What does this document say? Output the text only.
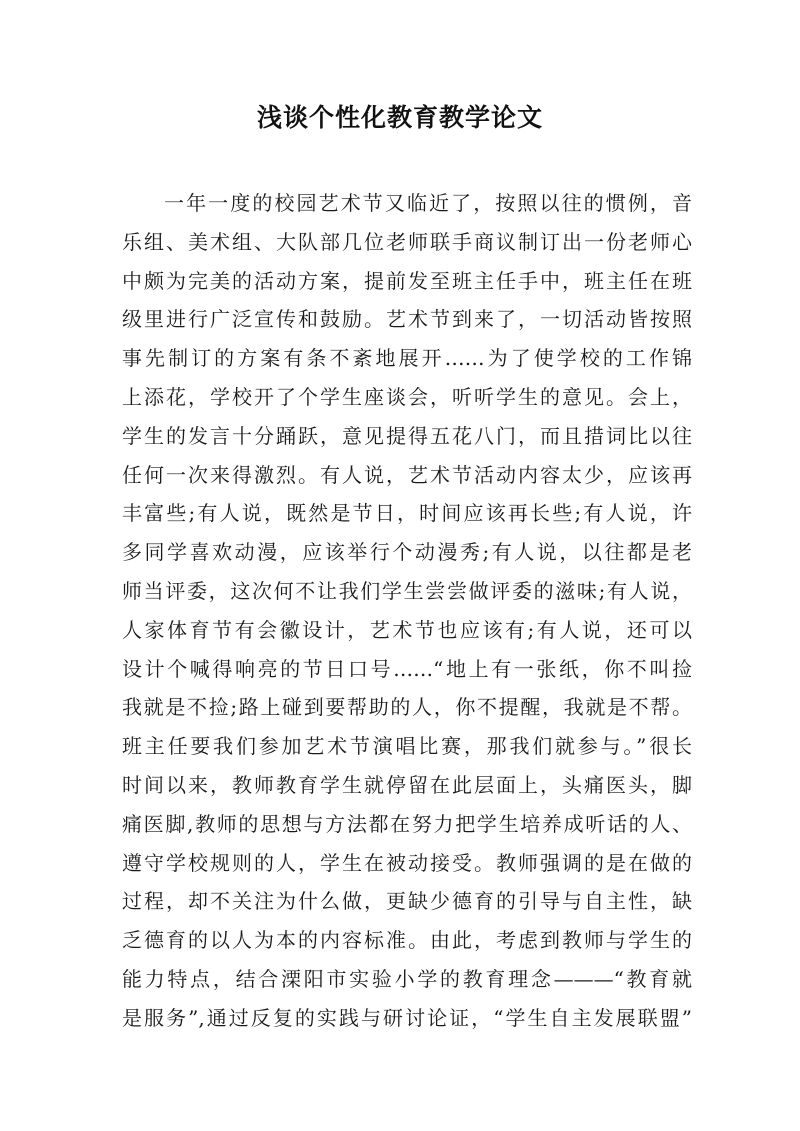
浅谈个性化教育教学论文
一年一度的校园艺术节又临近了，按照以往的惯例，音
乐组、美术组、大队部几位老师联手商议制订出一份老师心
中颇为完美的活动方案，提前发至班主任手中，班主任在班
级里进行广泛宣传和鼓励。艺术节到来了，一切活动皆按照
事先制订的方案有条不紊地展开……为了使学校的工作锦
上添花，学校开了个学生座谈会，听听学生的意见。会上，
学生的发言十分踊跃，意见提得五花八门，而且措词比以往
任何一次来得激烈。有人说，艺术节活动内容太少，应该再
丰富些;有人说，既然是节日，时间应该再长些;有人说，许
多同学喜欢动漫，应该举行个动漫秀;有人说，以往都是老
师当评委，这次何不让我们学生尝尝做评委的滋味;有人说，
人家体育节有会徽设计，艺术节也应该有;有人说，还可以
设计个喊得响亮的节日口号……“地上有一张纸，你不叫捡
我就是不捡;路上碰到要帮助的人，你不提醒，我就是不帮。
班主任要我们参加艺术节演唱比赛，那我们就参与。”很长
时间以来，教师教育学生就停留在此层面上，头痛医头，脚
痛医脚,教师的思想与方法都在努力把学生培养成听话的人、
遵守学校规则的人，学生在被动接受。教师强调的是在做的
过程，却不关注为什么做，更缺少德育的引导与自主性，缺
乏德育的以人为本的内容标准。由此，考虑到教师与学生的
能力特点，结合溧阳市实验小学的教育理念———“教育就
是服务”,通过反复的实践与研讨论证，“学生自主发展联盟”
